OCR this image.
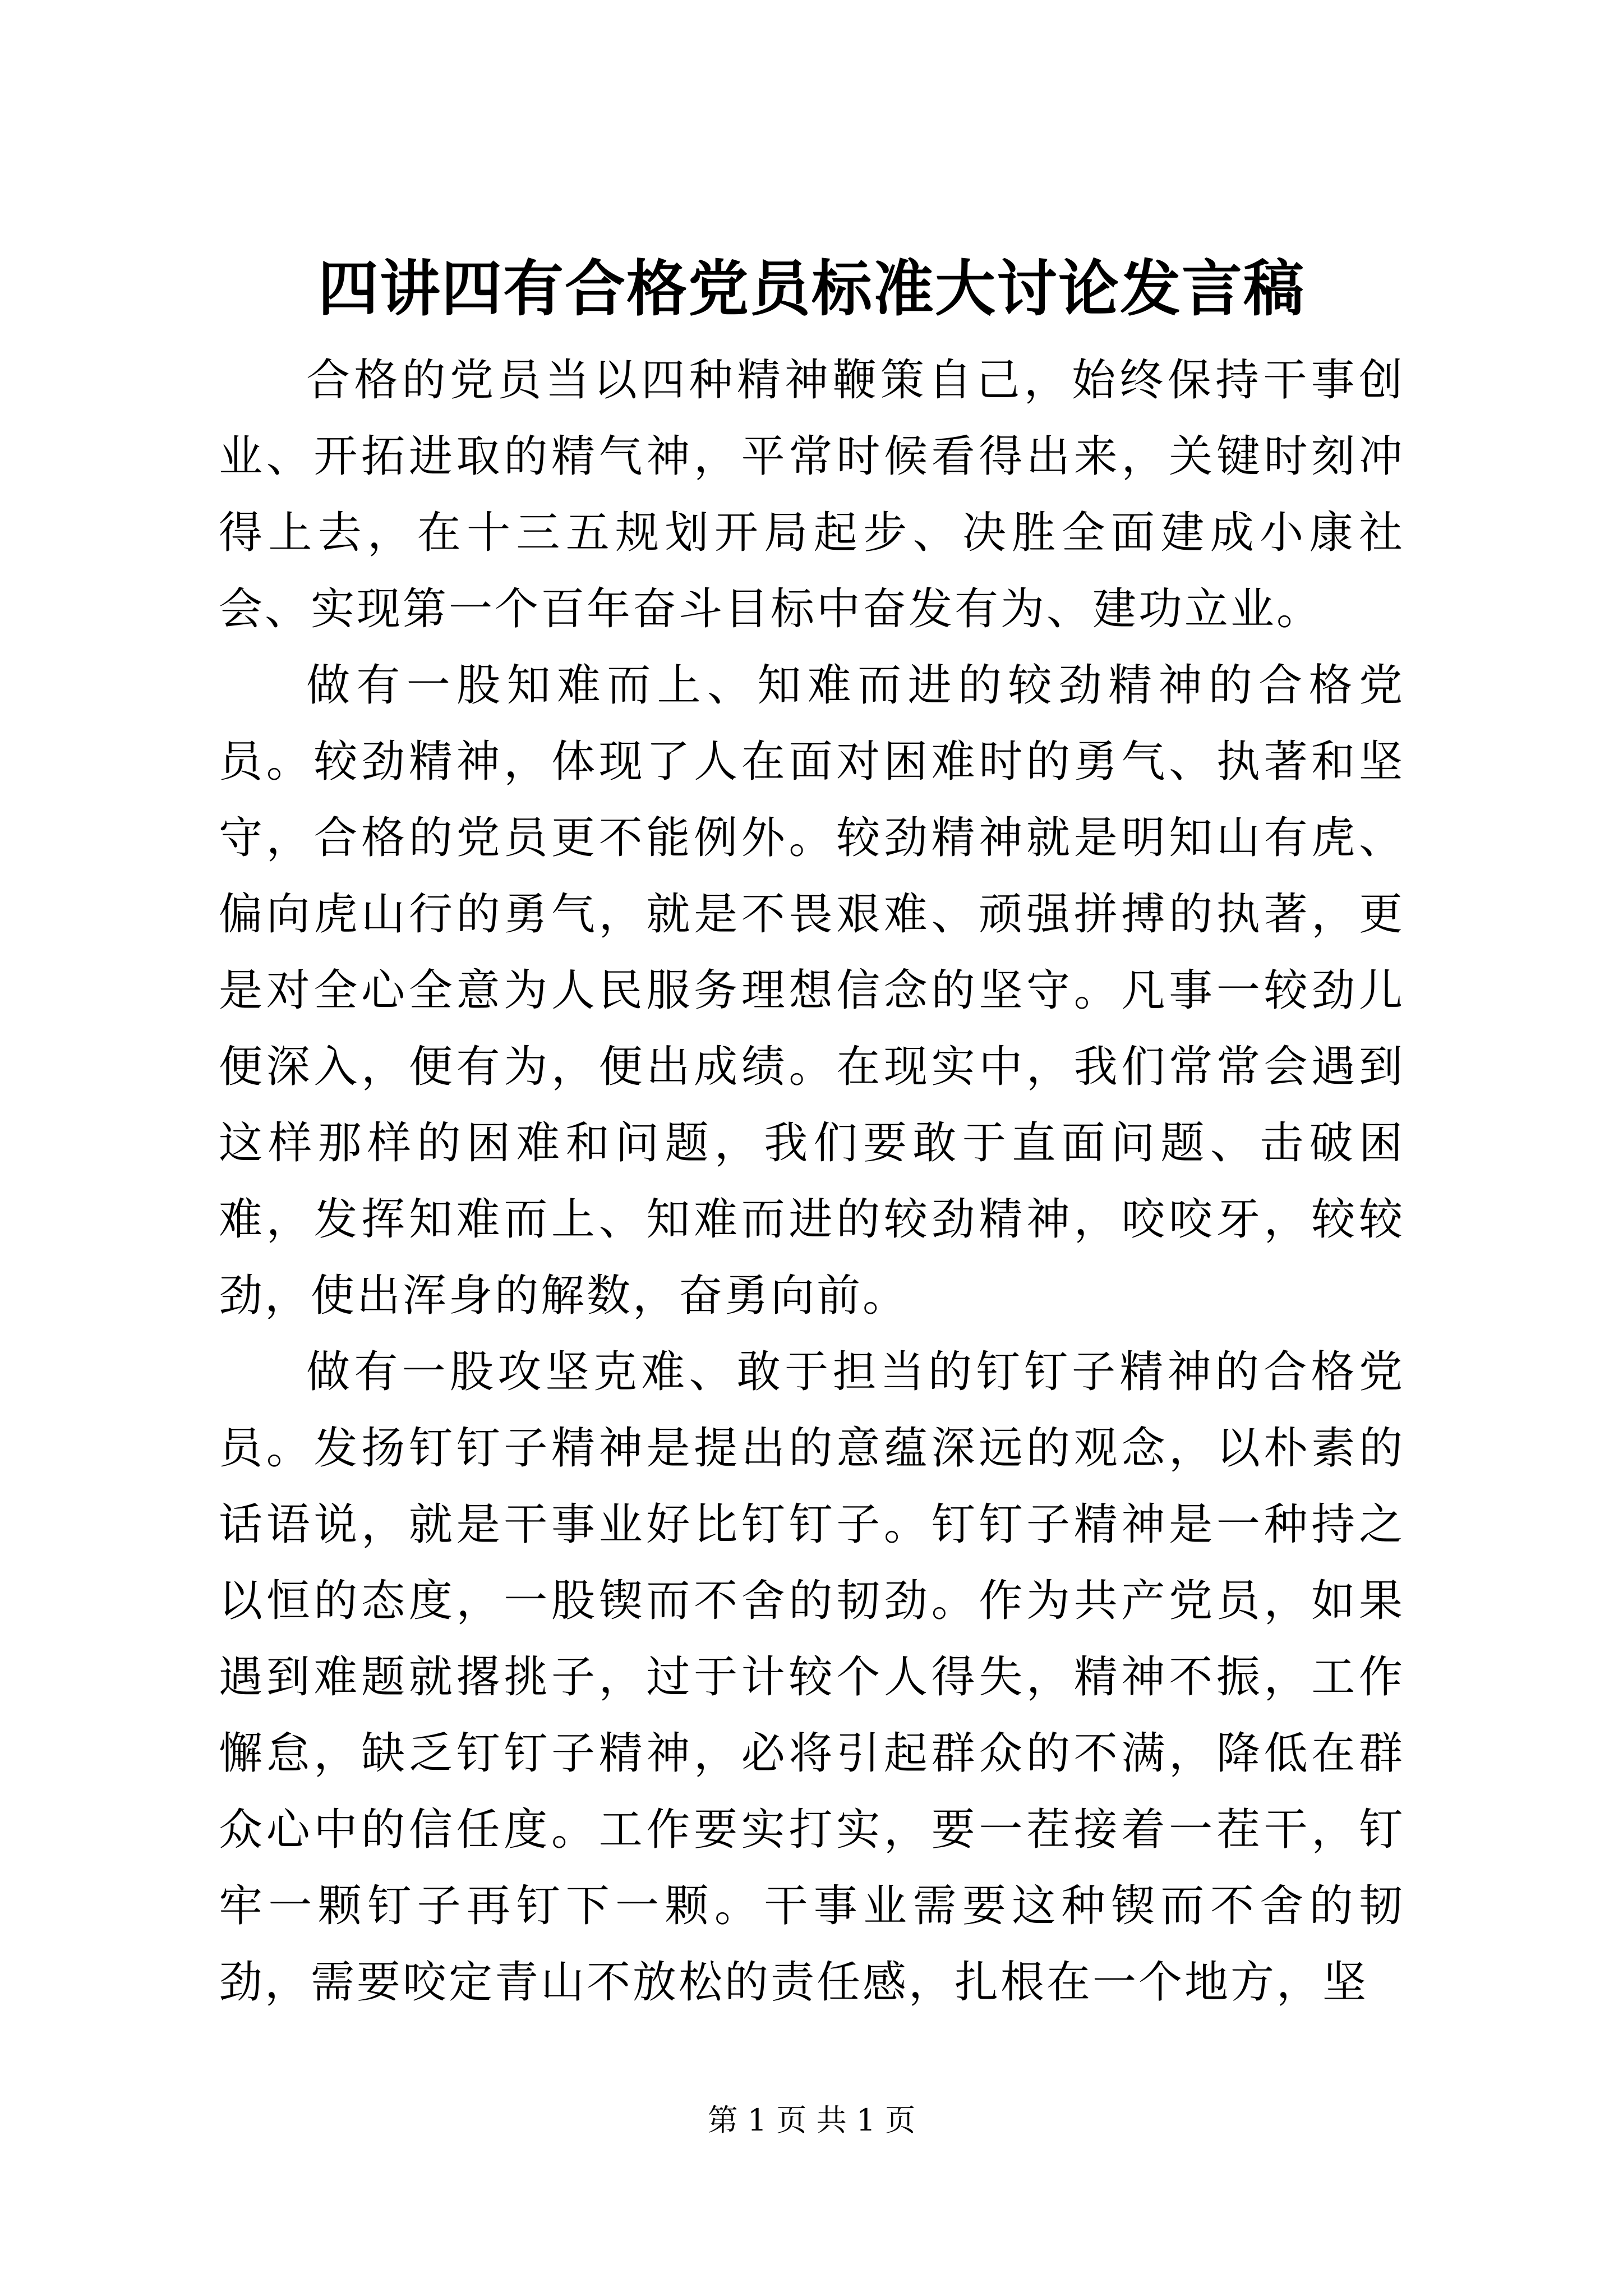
四讲四有合格党员标准大讨论发言稿

合格的党员当以四种精神鞭策自己，始终保持干事创业、开拓进取的精气神，平常时候看得出来，关键时刻冲得上去，在十三五规划开局起步、决胜全面建成小康社会、实现第一个百年奋斗目标中奋发有为、建功立业。

做有一股知难而上、知难而进的较劲精神的合格党员。较劲精神，体现了人在面对困难时的勇气、执著和坚守，合格的党员更不能例外。较劲精神就是明知山有虎、偏向虎山行的勇气，就是不畏艰难、顽强拼搏的执著，更是对全心全意为人民服务理想信念的坚守。凡事一较劲儿便深入，便有为，便出成绩。在现实中，我们常常会遇到这样那样的困难和问题，我们要敢于直面问题、击破困难，发挥知难而上、知难而进的较劲精神，咬咬牙，较较劲，使出浑身的解数，奋勇向前。

做有一股攻坚克难、敢于担当的钉钉子精神的合格党员。发扬钉钉子精神是提出的意蕴深远的观念，以朴素的话语说，就是干事业好比钉钉子。钉钉子精神是一种持之以恒的态度，一股锲而不舍的韧劲。作为共产党员，如果遇到难题就撂挑子，过于计较个人得失，精神不振，工作懈怠，缺乏钉钉子精神，必将引起群众的不满，降低在群众心中的信任度。工作要实打实，要一茬接着一茬干，钉牢一颗钉子再钉下一颗。干事业需要这种锲而不舍的韧劲，需要咬定青山不放松的责任感，扎根在一个地方，坚

第 1 页 共 1 页
